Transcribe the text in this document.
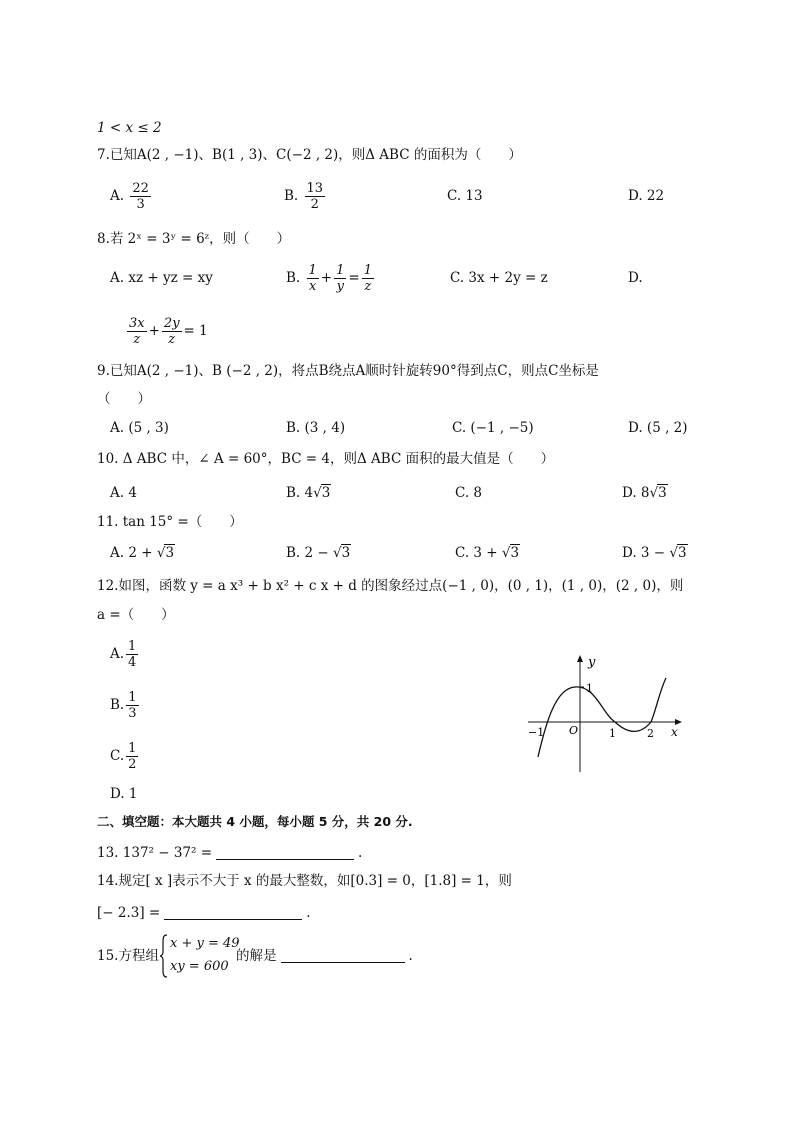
1 < x ≤ 2
7.已知A(2 , −1)、B(1 , 3)、C(−2 , 2)，则Δ ABC 的面积为（　　）
A. $\frac{22}{3}$	B. $\frac{13}{2}$	C. 13	D. 22
8.若 2ˣ = 3ʸ = 6ᶻ，则（　　）
A. xz + yz = xy	B. $\frac{1}{x} + \frac{1}{y} = \frac{1}{z}$	C. 3x + 2y = z	D.
$\frac{3x}{z} + \frac{2y}{z} = 1$
9.已知A(2 , −1)、B (−2 , 2)，将点B绕点A顺时针旋转90°得到点C，则点C坐标是
（　　）
A. (5 , 3)	B. (3 , 4)	C. (−1 , −5)	D. (5 , 2)
10. Δ ABC 中，∠ A = 60°，BC = 4，则Δ ABC 面积的最大值是（　　）
A. 4	B. 4√3	C. 8	D. 8√3
11. tan 15° =（　　）
A. 2 + √3	B. 2 − √3	C. 3 + √3	D. 3 − √3
12.如图，函数 y = a x³ + b x² + c x + d 的图象经过点(−1 , 0)，(0 , 1)，(1 , 0)，(2 , 0)，则
a =（　　）
A. $\frac{1}{4}$
B. $\frac{1}{3}$
C. $\frac{1}{2}$
D. 1
y
x
O
−1	1	2
1
二、填空题：本大题共 4 小题，每小题 5 分，共 20 分.
13. 137² − 37² =	.
14.规定[ x ]表示不大于 x 的最大整数，如[0.3] = 0，[1.8] = 1，则
[− 2.3] =	.
15.方程组
x + y = 49
xy = 600
的解是	.
